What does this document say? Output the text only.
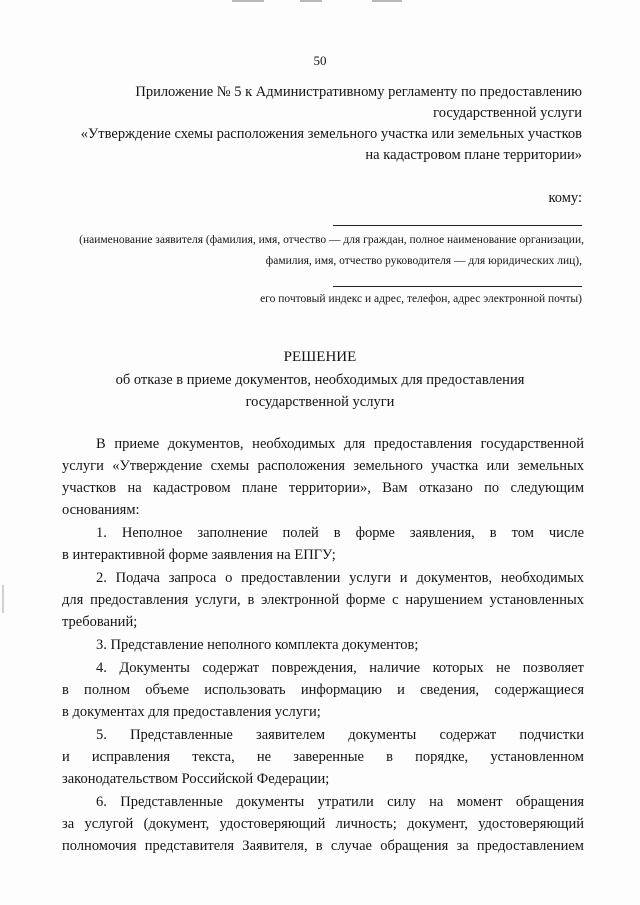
50
Приложение № 5 к Административному регламенту по предоставлению
государственной услуги
«Утверждение схемы расположения земельного участка или земельных участков
на кадастровом плане территории»
кому:
(наименование заявителя (фамилия, имя, отчество — для граждан, полное наименование организации,
фамилия, имя, отчество руководителя — для юридических лиц),
его почтовый индекс и адрес, телефон, адрес электронной почты)
РЕШЕНИЕ
об отказе в приеме документов, необходимых для предоставления
государственной услуги
В приеме документов, необходимых для предоставления государственной
услуги «Утверждение схемы расположения земельного участка или земельных
участков на кадастровом плане территории», Вам отказано по следующим
основаниям:
1. Неполное заполнение полей в форме заявления, в том числе
в интерактивной форме заявления на ЕПГУ;
2. Подача запроса о предоставлении услуги и документов, необходимых
для предоставления услуги, в электронной форме с нарушением установленных
требований;
3. Представление неполного комплекта документов;
4. Документы содержат повреждения, наличие которых не позволяет
в полном объеме использовать информацию и сведения, содержащиеся
в документах для предоставления услуги;
5. Представленные заявителем документы содержат подчистки
и исправления текста, не заверенные в порядке, установленном
законодательством Российской Федерации;
6. Представленные документы утратили силу на момент обращения
за услугой (документ, удостоверяющий личность; документ, удостоверяющий
полномочия представителя Заявителя, в случае обращения за предоставлением
